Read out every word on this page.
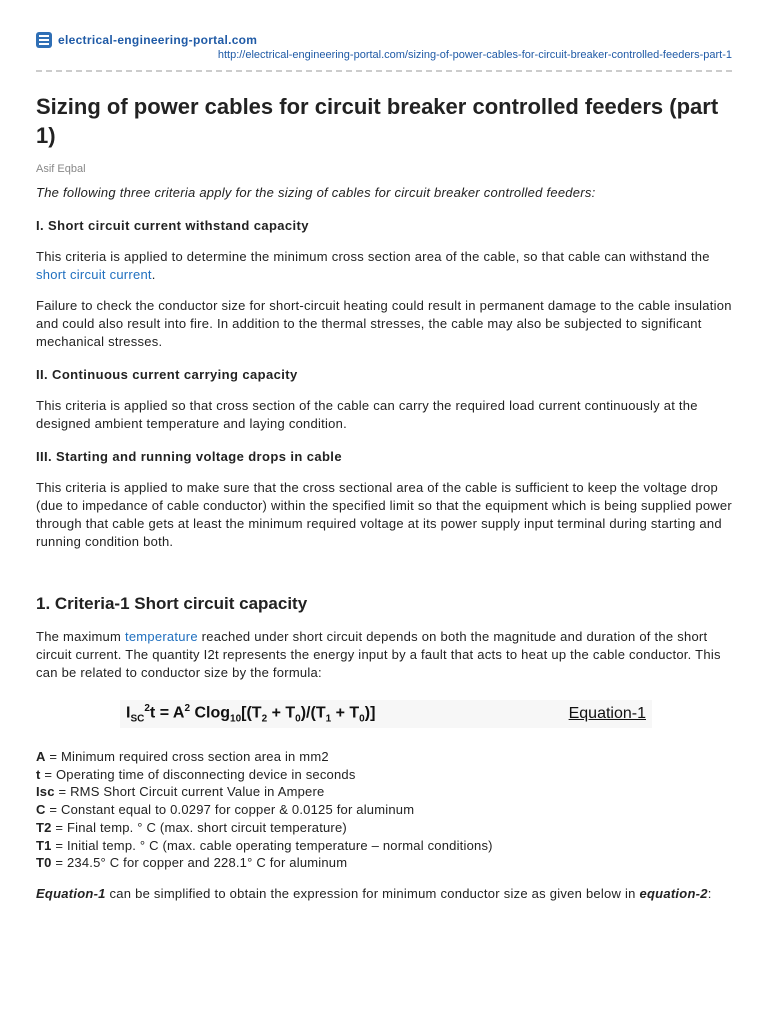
electrical-engineering-portal.com
http://electrical-engineering-portal.com/sizing-of-power-cables-for-circuit-breaker-controlled-feeders-part-1
Sizing of power cables for circuit breaker controlled feeders (part 1)
Asif Eqbal

The following three criteria apply for the sizing of cables for circuit breaker controlled feeders:

I. Short circuit current withstand capacity

This criteria is applied to determine the minimum cross section area of the cable, so that cable can withstand the short circuit current.

Failure to check the conductor size for short-circuit heating could result in permanent damage to the cable insulation and could also result into fire. In addition to the thermal stresses, the cable may also be subjected to significant mechanical stresses.

II. Continuous current carrying capacity

This criteria is applied so that cross section of the cable can carry the required load current continuously at the designed ambient temperature and laying condition.

III. Starting and running voltage drops in cable

This criteria is applied to make sure that the cross sectional area of the cable is sufficient to keep the voltage drop (due to impedance of cable conductor) within the specified limit so that the equipment which is being supplied power through that cable gets at least the minimum required voltage at its power supply input terminal during starting and running condition both.

1. Criteria-1 Short circuit capacity

The maximum temperature reached under short circuit depends on both the magnitude and duration of the short circuit current. The quantity I2t represents the energy input by a fault that acts to heat up the cable conductor. This can be related to conductor size by the formula:

$I_{SC}^2t = A^2$ $Clog_{10}[(T_2 + T_0)/(T_1 + T_0)]$	Equation-1
A = Minimum required cross section area in mm2
t = Operating time of disconnecting device in seconds
Isc = RMS Short Circuit current Value in Ampere
C = Constant equal to 0.0297 for copper & 0.0125 for aluminum
T2 = Final temp. ° C (max. short circuit temperature)
T1 = Initial temp. ° C (max. cable operating temperature – normal conditions)
T0 = 234.5° C for copper and 228.1° C for aluminum

Equation-1 can be simplified to obtain the expression for minimum conductor size as given below in equation-2:
